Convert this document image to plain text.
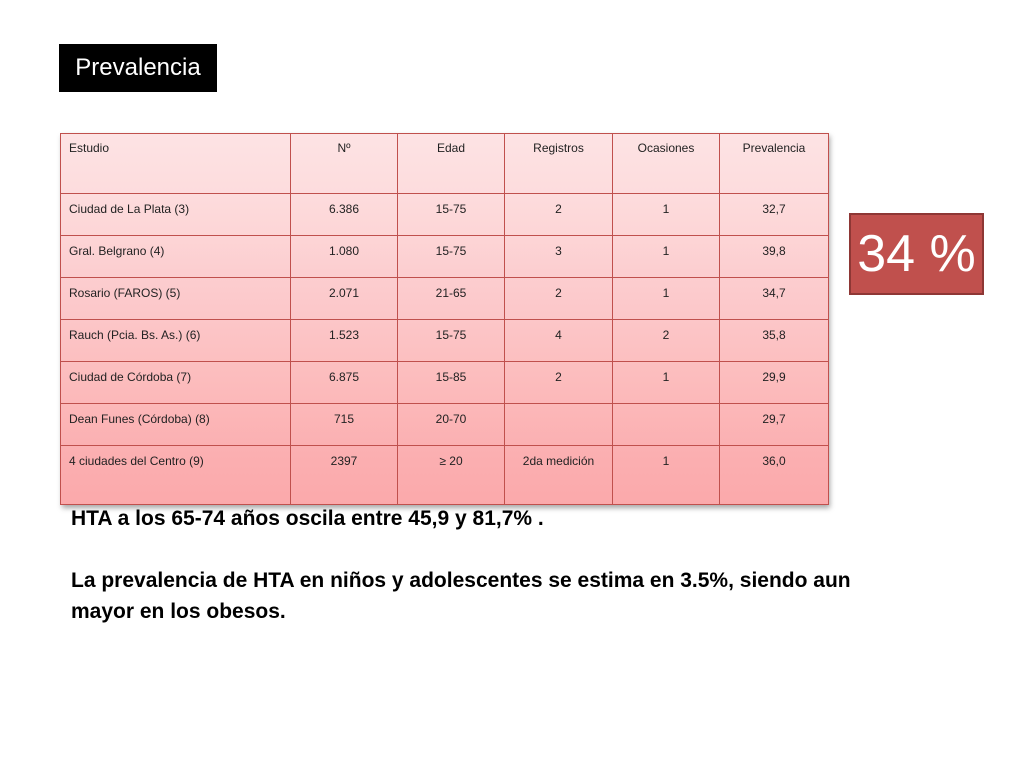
Prevalencia
Estudio	Nº	Edad	Registros	Ocasiones	Prevalencia
Ciudad de La Plata (3)	6.386	15-75	2	1	32,7
Gral. Belgrano (4)	1.080	15-75	3	1	39,8
Rosario (FAROS) (5)	2.071	21-65	2	1	34,7
Rauch (Pcia. Bs. As.) (6)	1.523	15-75	4	2	35,8
Ciudad de Córdoba (7)	6.875	15-85	2	1	29,9
Dean Funes (Córdoba) (8)	715	20-70			29,7
4 ciudades del Centro (9)	2397	≥ 20	2da medición	1	36,0
34 %

HTA a los 65-74 años oscila entre 45,9 y 81,7% .

La prevalencia de HTA en niños y adolescentes se estima en 3.5%, siendo aun mayor en los obesos.
